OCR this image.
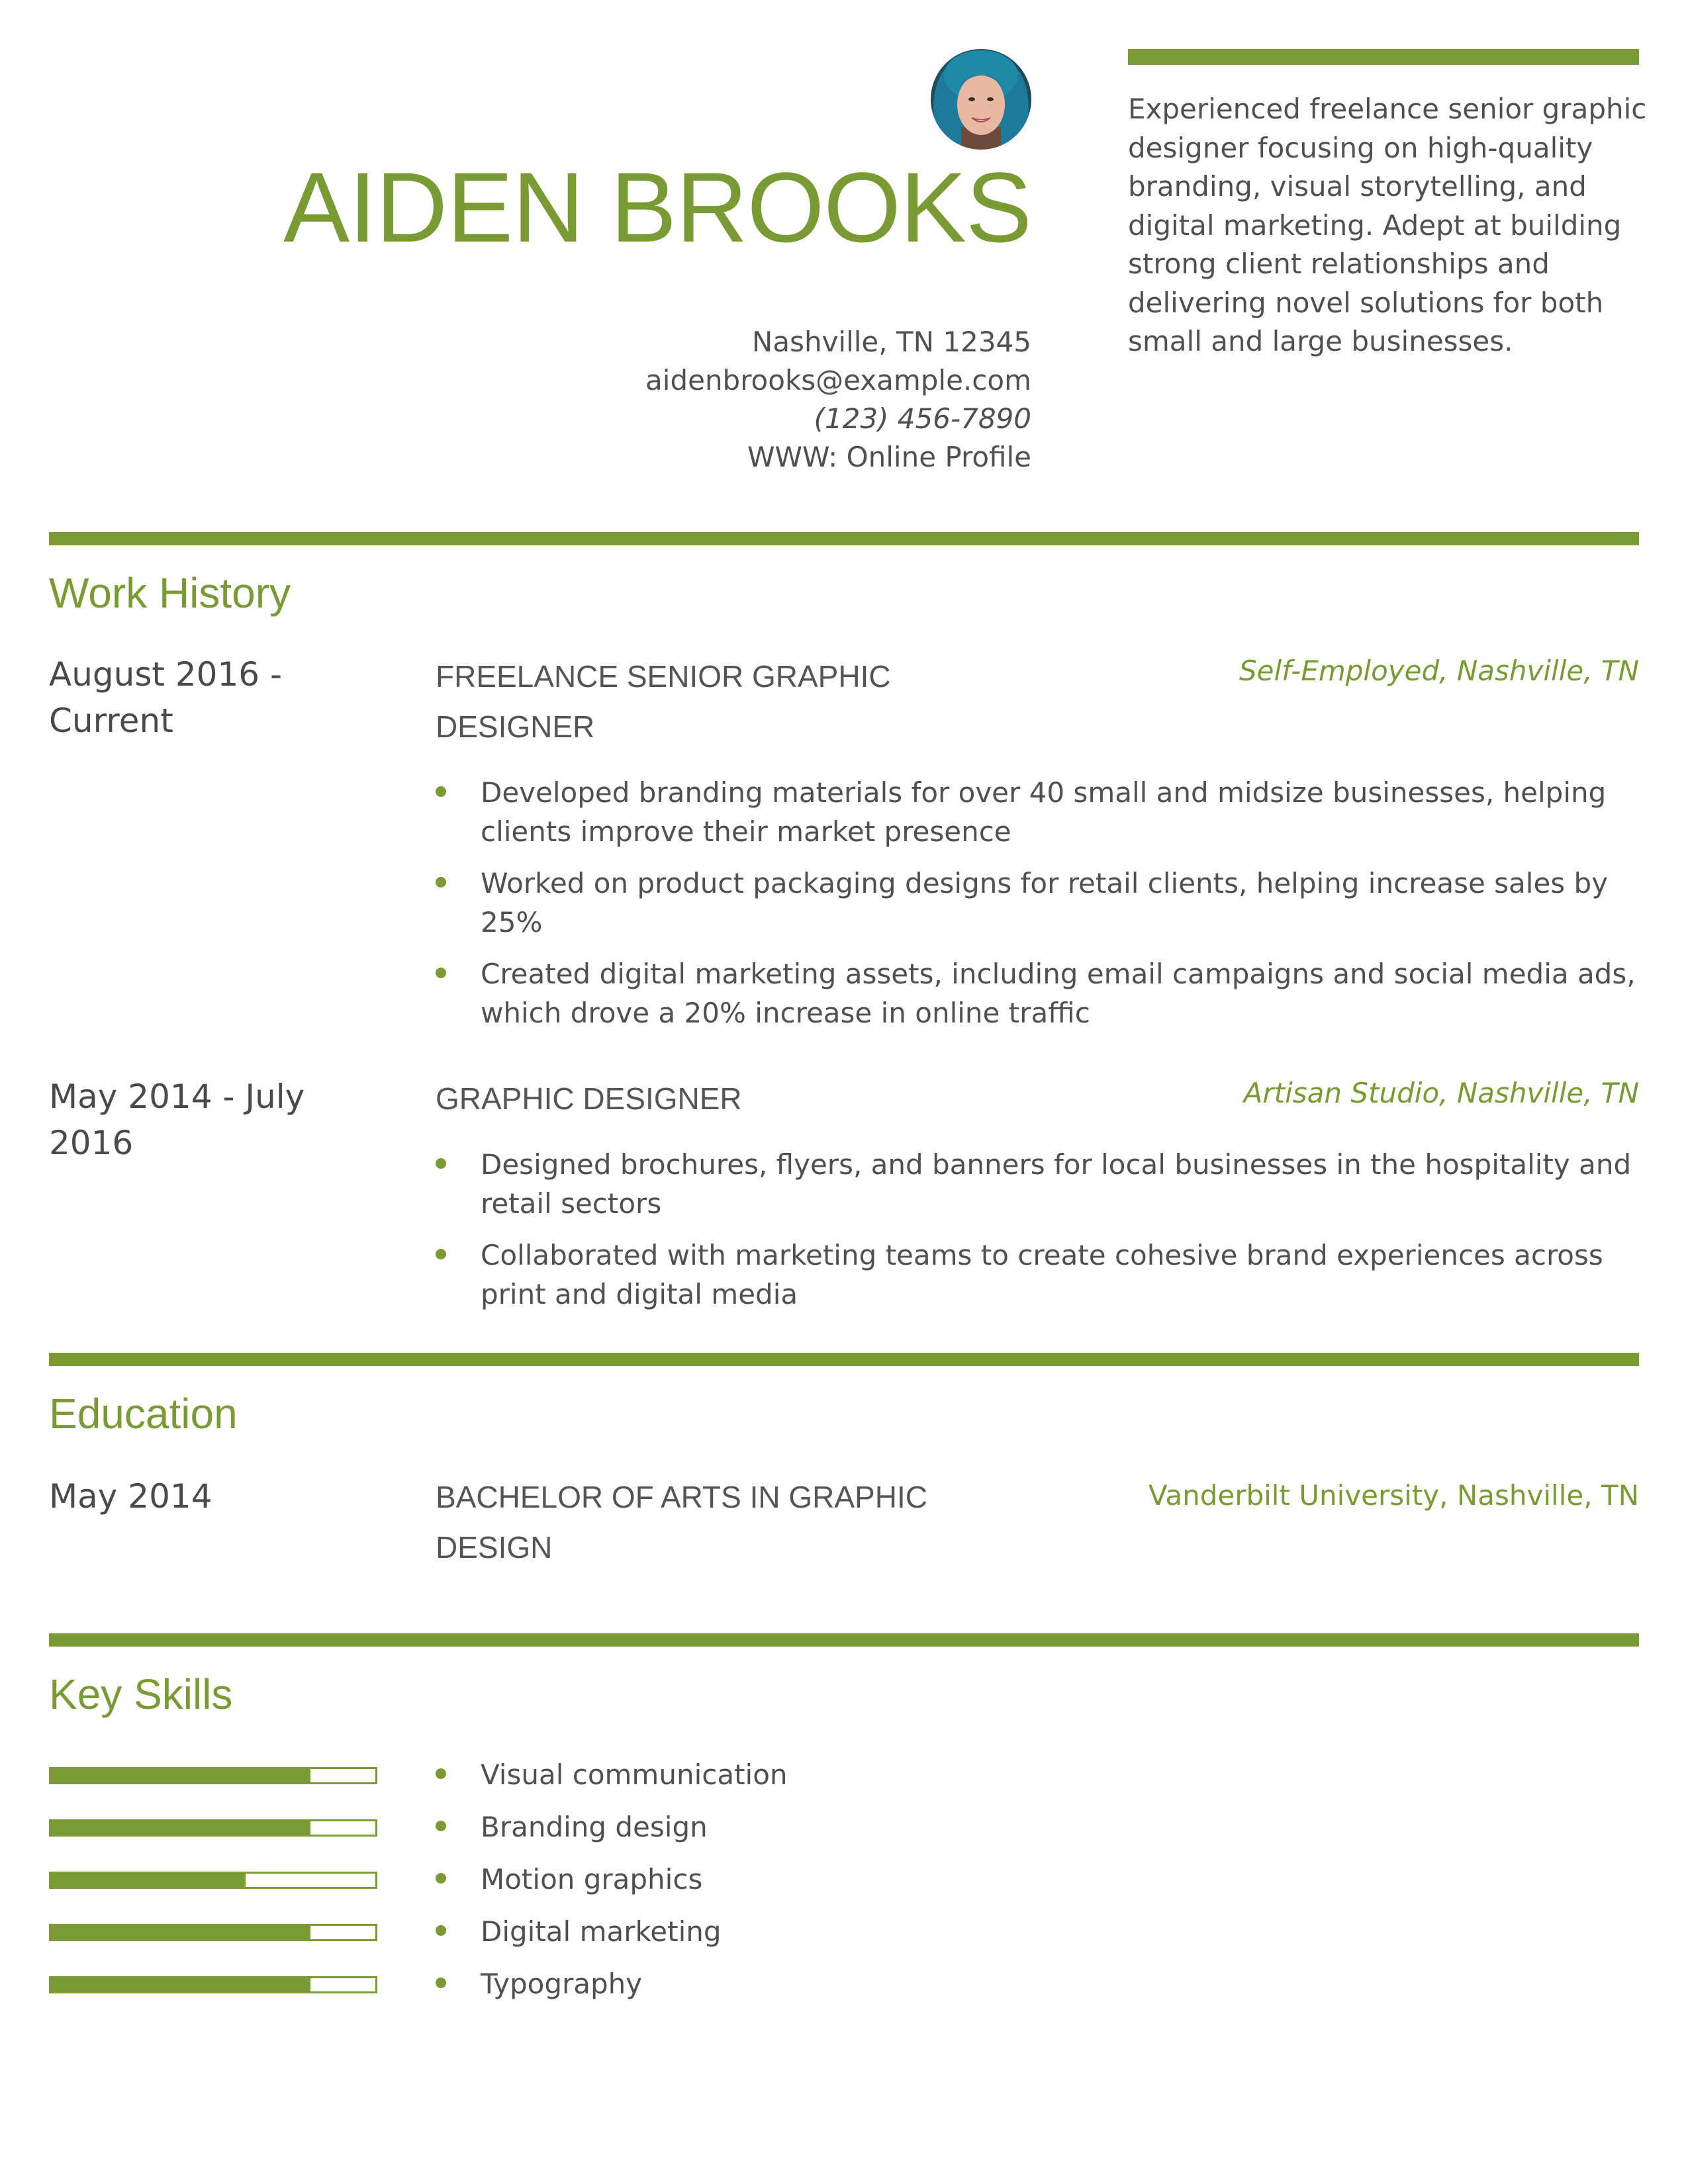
AIDEN BROOKS
Nashville, TN 12345
aidenbrooks@example.com
(123) 456-7890
WWW: Online Profile
Experienced freelance senior graphic designer focusing on high-quality branding, visual storytelling, and digital marketing. Adept at building strong client relationships and delivering novel solutions for both small and large businesses.
Work History
August 2016 - Current
FREELANCE SENIOR GRAPHIC DESIGNER
Self-Employed, Nashville, TN
Developed branding materials for over 40 small and midsize businesses, helping clients improve their market presence
Worked on product packaging designs for retail clients, helping increase sales by 25%
Created digital marketing assets, including email campaigns and social media ads, which drove a 20% increase in online traffic
May 2014 - July 2016
GRAPHIC DESIGNER	Artisan Studio, Nashville, TN
Designed brochures, flyers, and banners for local businesses in the hospitality and retail sectors
Collaborated with marketing teams to create cohesive brand experiences across print and digital media
Education
May 2014	BACHELOR OF ARTS IN GRAPHIC DESIGN
Vanderbilt University, Nashville, TN
Key Skills
Visual communication
Branding design
Motion graphics
Digital marketing
Typography
